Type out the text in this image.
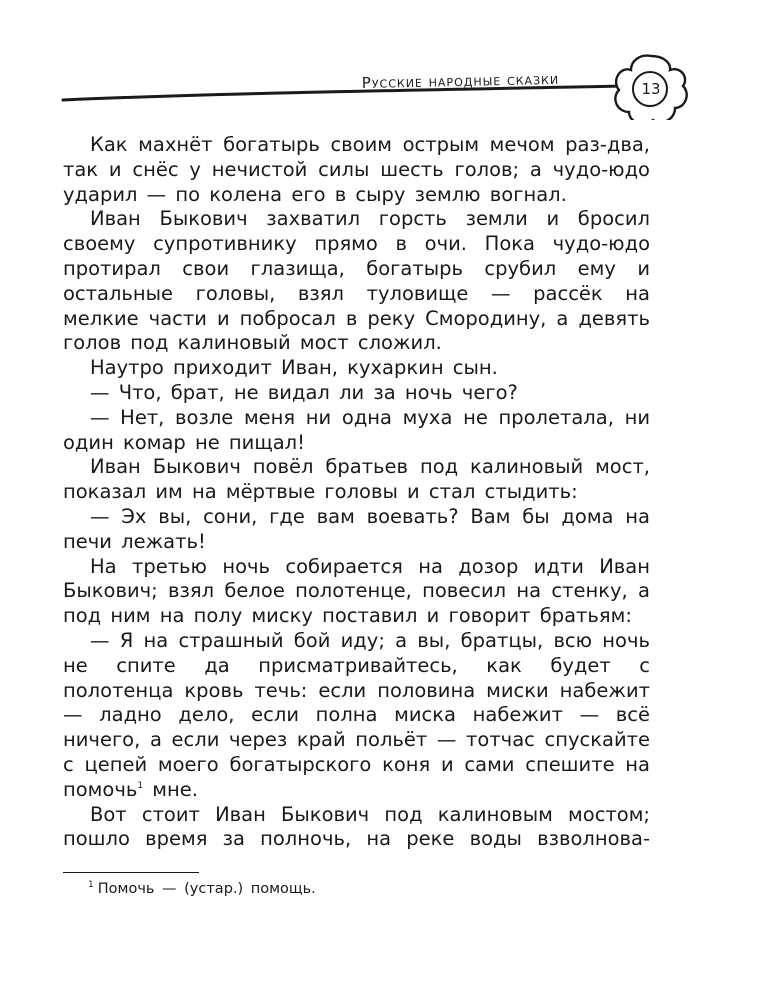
Русские народные сказки	13

Как махнёт богатырь своим острым мечом раз-два, так и снёс у нечистой силы шесть голов; а чудо-юдо ударил — по колена его в сыру землю вогнал.

Иван Быкович захватил горсть земли и бросил своему супротивнику прямо в очи. Пока чудо-юдо протирал свои глазища, богатырь срубил ему и остальные головы, взял туловище — рассёк на мелкие части и побросал в реку Смородину, а девять голов под калиновый мост сложил.

Наутро приходит Иван, кухаркин сын.

— Что, брат, не видал ли за ночь чего?

— Нет, возле меня ни одна муха не пролетала, ни один комар не пищал!

Иван Быкович повёл братьев под калиновый мост, показал им на мёртвые головы и стал стыдить:

— Эх вы, сони, где вам воевать? Вам бы дома на печи лежать!

На третью ночь собирается на дозор идти Иван Быкович; взял белое полотенце, повесил на стенку, а под ним на полу миску поставил и говорит братьям:

— Я на страшный бой иду; а вы, братцы, всю ночь не спите да присматривайтесь, как будет с полотенца кровь течь: если половина миски набежит — ладно дело, если полна миска набежит — всё ничего, а если через край польёт — тотчас спускайте с цепей моего богатырского коня и сами спешите на помочь$^1$ мне.

Вот стоит Иван Быкович под калиновым мостом; пошло время за полночь, на реке воды взволнова-

$^1$ Помочь — (устар.) помощь.
